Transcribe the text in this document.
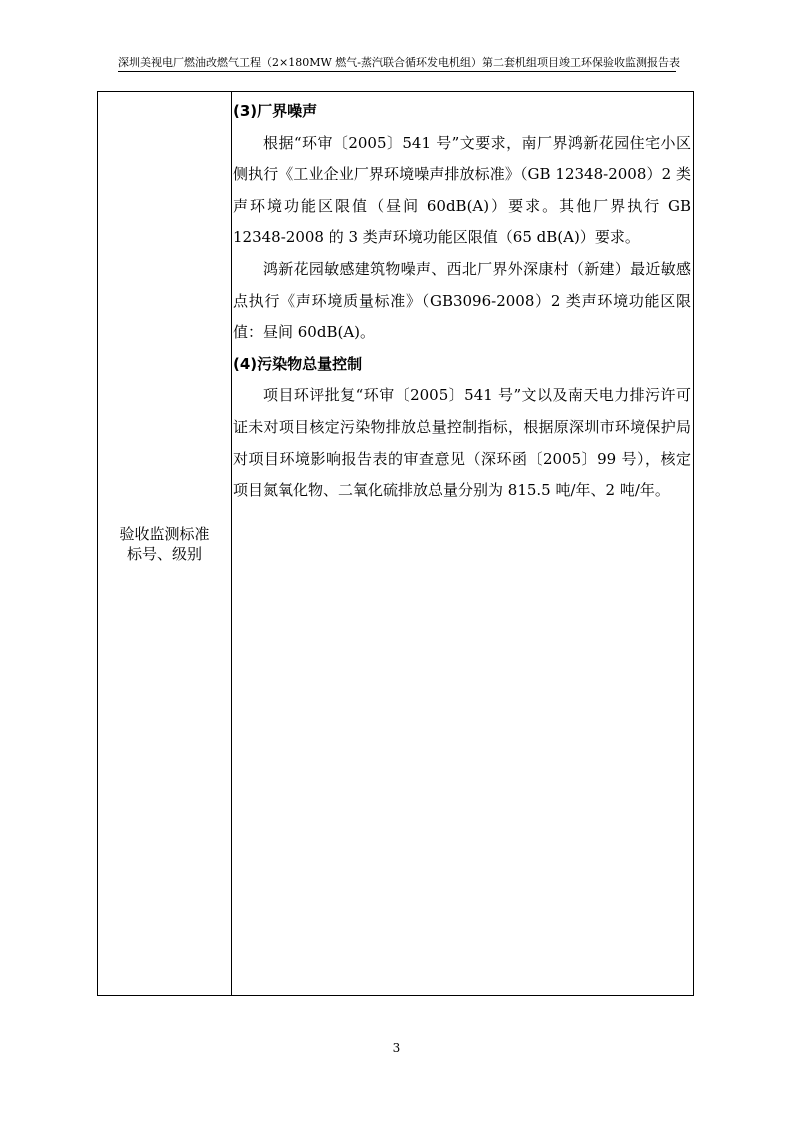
深圳美视电厂燃油改燃气工程（2×180MW 燃气-蒸汽联合循环发电机组）第二套机组项目竣工环保验收监测报告表
验收监测标准
标号、级别

(3)厂界噪声

根据“环审〔2005〕541 号”文要求，南厂界鸿新花园住宅小区侧执行《工业企业厂界环境噪声排放标准》（GB 12348-2008）2 类声环境功能区限值（昼间 60dB(A)）要求。其他厂界执行 GB 12348-2008 的 3 类声环境功能区限值（65 dB(A)）要求。

鸿新花园敏感建筑物噪声、西北厂界外深康村（新建）最近敏感点执行《声环境质量标准》（GB3096-2008）2 类声环境功能区限值：昼间 60dB(A)。

(4)污染物总量控制

项目环评批复“环审〔2005〕541 号”文以及南天电力排污许可证未对项目核定污染物排放总量控制指标，根据原深圳市环境保护局对项目环境影响报告表的审查意见（深环函〔2005〕99 号），核定项目氮氧化物、二氧化硫排放总量分别为 815.5 吨/年、2 吨/年。

3
